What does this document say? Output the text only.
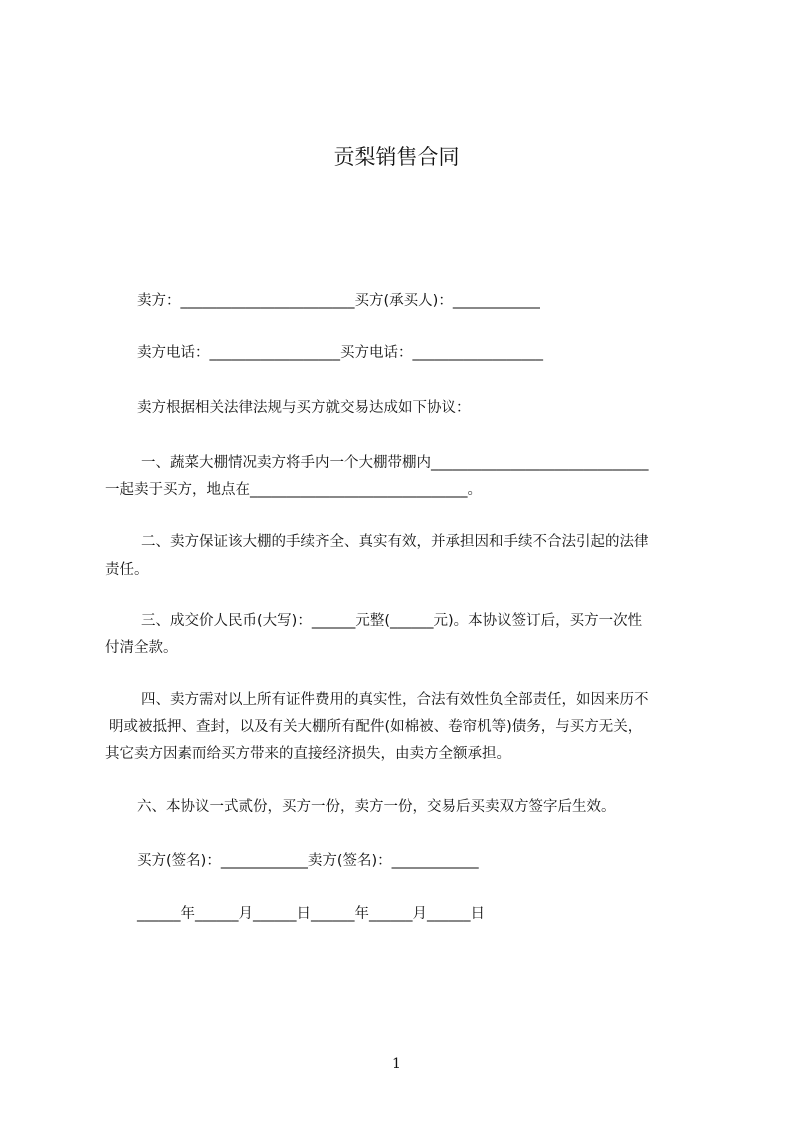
贡梨销售合同
卖方：________________________买方(承买人)：____________
卖方电话：__________________买方电话：__________________
卖方根据相关法律法规与买方就交易达成如下协议：
一、蔬菜大棚情况卖方将手内一个大棚带棚内______________________________
一起卖于买方，地点在______________________________。
二、卖方保证该大棚的手续齐全、真实有效，并承担因和手续不合法引起的法律
责任。
三、成交价人民币(大写)：______元整(______元)。本协议签订后，买方一次性
付清全款。
四、卖方需对以上所有证件费用的真实性，合法有效性负全部责任，如因来历不
明或被抵押、查封，以及有关大棚所有配件(如棉被、卷帘机等)债务，与买方无关，
其它卖方因素而给买方带来的直接经济损失，由卖方全额承担。
六、本协议一式贰份，买方一份，卖方一份，交易后买卖双方签字后生效。
买方(签名)：____________卖方(签名)：____________
______年______月______日______年______月______日
1
